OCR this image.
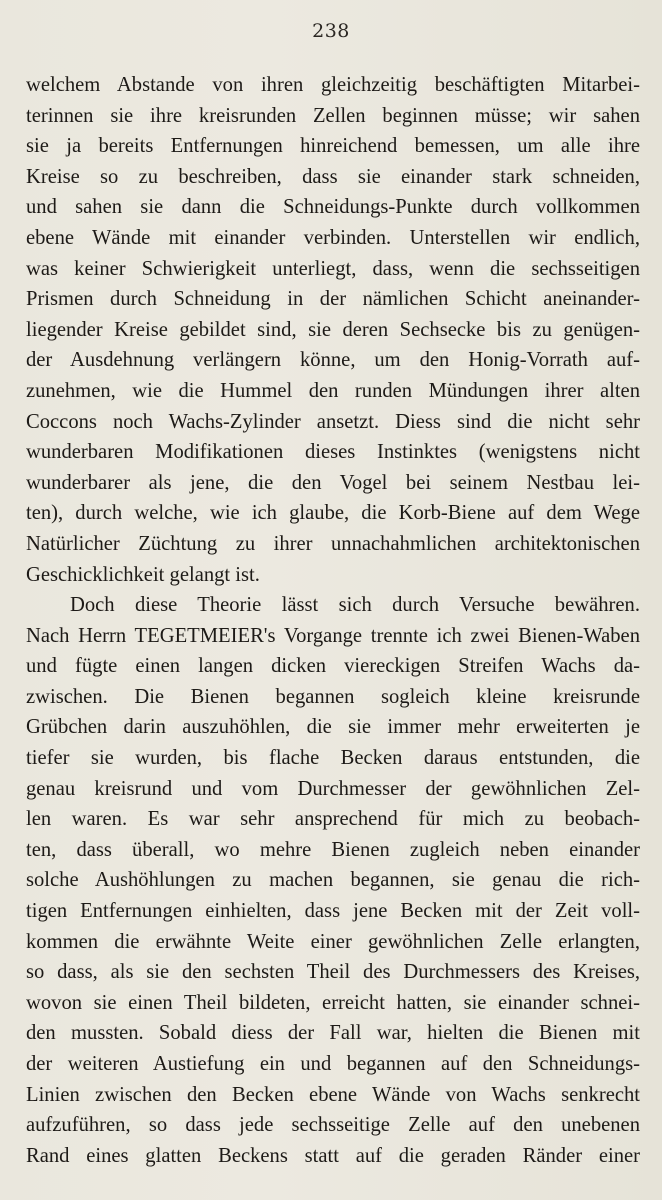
238
welchem Abstande von ihren gleichzeitig beschäftigten Mitarbei-
terinnen sie ihre kreisrunden Zellen beginnen müsse; wir sahen
sie ja bereits Entfernungen hinreichend bemessen, um alle ihre
Kreise so zu beschreiben, dass sie einander stark schneiden,
und sahen sie dann die Schneidungs-Punkte durch vollkommen
ebene Wände mit einander verbinden. Unterstellen wir endlich,
was keiner Schwierigkeit unterliegt, dass, wenn die sechsseitigen
Prismen durch Schneidung in der nämlichen Schicht aneinander-
liegender Kreise gebildet sind, sie deren Sechsecke bis zu genügen-
der Ausdehnung verlängern könne, um den Honig-Vorrath auf-
zunehmen, wie die Hummel den runden Mündungen ihrer alten
Coccons noch Wachs-Zylinder ansetzt. Diess sind die nicht sehr
wunderbaren Modifikationen dieses Instinktes (wenigstens nicht
wunderbarer als jene, die den Vogel bei seinem Nestbau lei-
ten), durch welche, wie ich glaube, die Korb-Biene auf dem Wege
Natürlicher Züchtung zu ihrer unnachahmlichen architektonischen
Geschicklichkeit gelangt ist.
Doch diese Theorie lässt sich durch Versuche bewähren.
Nach Herrn TEGETMEIER's Vorgange trennte ich zwei Bienen-Waben
und fügte einen langen dicken viereckigen Streifen Wachs da-
zwischen. Die Bienen begannen sogleich kleine kreisrunde
Grübchen darin auszuhöhlen, die sie immer mehr erweiterten je
tiefer sie wurden, bis flache Becken daraus entstunden, die
genau kreisrund und vom Durchmesser der gewöhnlichen Zel-
len waren. Es war sehr ansprechend für mich zu beobach-
ten, dass überall, wo mehre Bienen zugleich neben einander
solche Aushöhlungen zu machen begannen, sie genau die rich-
tigen Entfernungen einhielten, dass jene Becken mit der Zeit voll-
kommen die erwähnte Weite einer gewöhnlichen Zelle erlangten,
so dass, als sie den sechsten Theil des Durchmessers des Kreises,
wovon sie einen Theil bildeten, erreicht hatten, sie einander schnei-
den mussten. Sobald diess der Fall war, hielten die Bienen mit
der weiteren Austiefung ein und begannen auf den Schneidungs-
Linien zwischen den Becken ebene Wände von Wachs senkrecht
aufzuführen, so dass jede sechsseitige Zelle auf den unebenen
Rand eines glatten Beckens statt auf die geraden Ränder einer
